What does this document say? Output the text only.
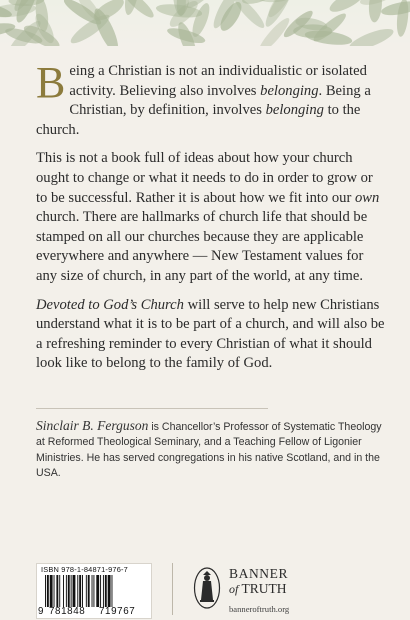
Being a Christian is not an individualistic or isolated activity. Believing also involves belonging. Being a Christian, by definition, involves belonging to the church.

This is not a book full of ideas about how your church ought to change or what it needs to do in order to grow or to be successful. Rather it is about how we fit into our own church. There are hallmarks of church life that should be stamped on all our churches because they are applicable everywhere and anywhere — New Testament values for any size of church, in any part of the world, at any time.

Devoted to God’s Church will serve to help new Christians understand what it is to be part of a church, and will also be a refreshing reminder to every Christian of what it should look like to belong to the family of God.

Sinclair B. Ferguson is Chancellor’s Professor of Systematic Theology at Reformed Theological Seminary, and a Teaching Fellow of Ligonier Ministries. He has served congregations in his native Scotland, and in the USA.
ISBN 978-1-84871-976-7
9 781848 719767
BANNER
of TRUTH
banneroftruth.org
